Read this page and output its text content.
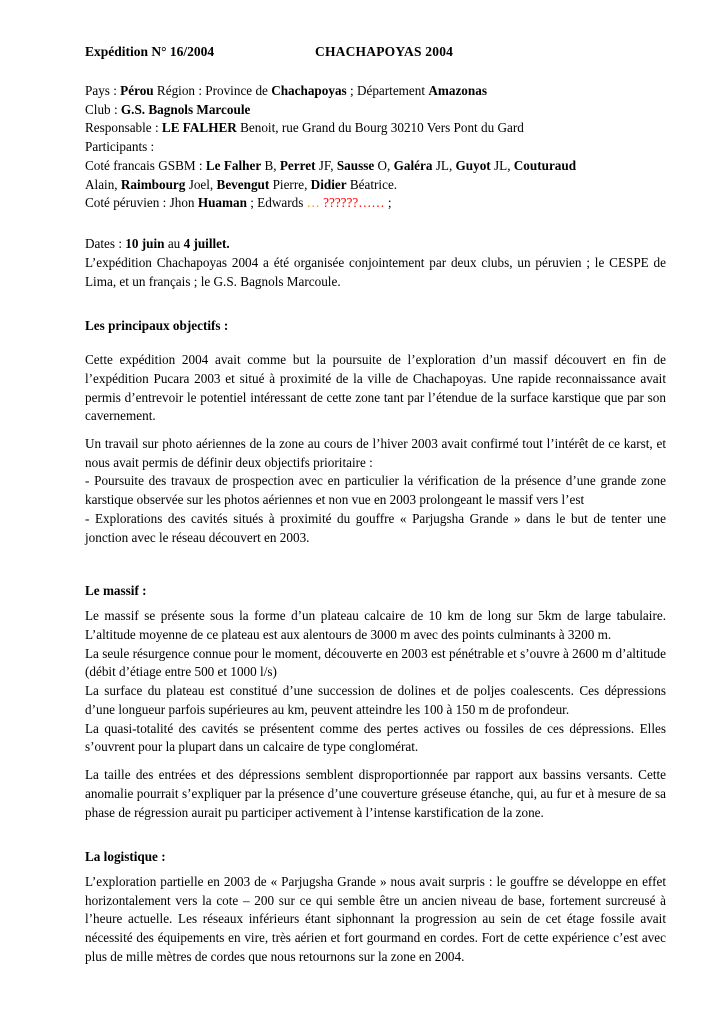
Expédition N° 16/2004	CHACHAPOYAS 2004

Pays : Pérou Région : Province de Chachapoyas ; Département Amazonas

Club : G.S. Bagnols Marcoule

Responsable : LE FALHER Benoit, rue Grand du Bourg 30210 Vers Pont du Gard

Participants :

Coté francais GSBM : Le Falher B, Perret JF, Sausse O, Galéra JL, Guyot JL, Couturaud

Alain, Raimbourg Joel, Bevengut Pierre, Didier Béatrice.

Coté péruvien : Jhon Huaman ; Edwards … ??????…… ;

Dates : 10 juin au 4 juillet.

L’expédition Chachapoyas 2004 a été organisée conjointement par deux clubs, un péruvien ; le CESPE de Lima, et un français ; le G.S. Bagnols Marcoule.

Les principaux objectifs :

Cette expédition 2004 avait comme but la poursuite de l’exploration d’un massif découvert en fin de l’expédition Pucara 2003 et situé à proximité de la ville de Chachapoyas. Une rapide reconnaissance avait permis d’entrevoir le potentiel intéressant de cette zone tant par l’étendue de la surface karstique que par son cavernement.

Un travail sur photo aériennes de la zone au cours de l’hiver 2003 avait confirmé tout l’intérêt de ce karst, et nous avait permis de définir deux objectifs prioritaire :

- Poursuite des travaux de prospection avec en particulier la vérification de la présence d’une grande zone karstique observée sur les photos aériennes et non vue en 2003 prolongeant le massif vers l’est

- Explorations des cavités situés à proximité du gouffre « Parjugsha Grande » dans le but de tenter une jonction avec le réseau découvert en 2003.

Le massif :

Le massif se présente sous la forme d’un plateau calcaire de 10 km de long sur 5km de large tabulaire. L’altitude moyenne de ce plateau est aux alentours de 3000 m avec des points culminants à 3200 m.

La seule résurgence connue pour le moment, découverte en 2003 est pénétrable et s’ouvre à 2600 m d’altitude (débit d’étiage entre 500 et 1000 l/s)

La surface du plateau est constitué d’une succession de dolines et de poljes coalescents. Ces dépressions d’une longueur parfois supérieures au km, peuvent atteindre les 100 à 150 m de profondeur.

La quasi-totalité des cavités se présentent comme des pertes actives ou fossiles de ces dépressions. Elles s’ouvrent pour la plupart dans un calcaire de type conglomérat.

La taille des entrées et des dépressions semblent disproportionnée par rapport aux bassins versants. Cette anomalie pourrait s’expliquer par la présence d’une couverture gréseuse étanche, qui, au fur et à mesure de sa phase de régression aurait pu participer activement à l’intense karstification de la zone.

La logistique :

L’exploration partielle en 2003 de « Parjugsha Grande » nous avait surpris : le gouffre se développe en effet horizontalement vers la cote – 200 sur ce qui semble être un ancien niveau de base, fortement surcreusé à l’heure actuelle. Les réseaux inférieurs étant siphonnant la progression au sein de cet étage fossile avait nécessité des équipements en vire, très aérien et fort gourmand en cordes. Fort de cette expérience c’est avec plus de mille mètres de cordes que nous retournons sur la zone en 2004.
